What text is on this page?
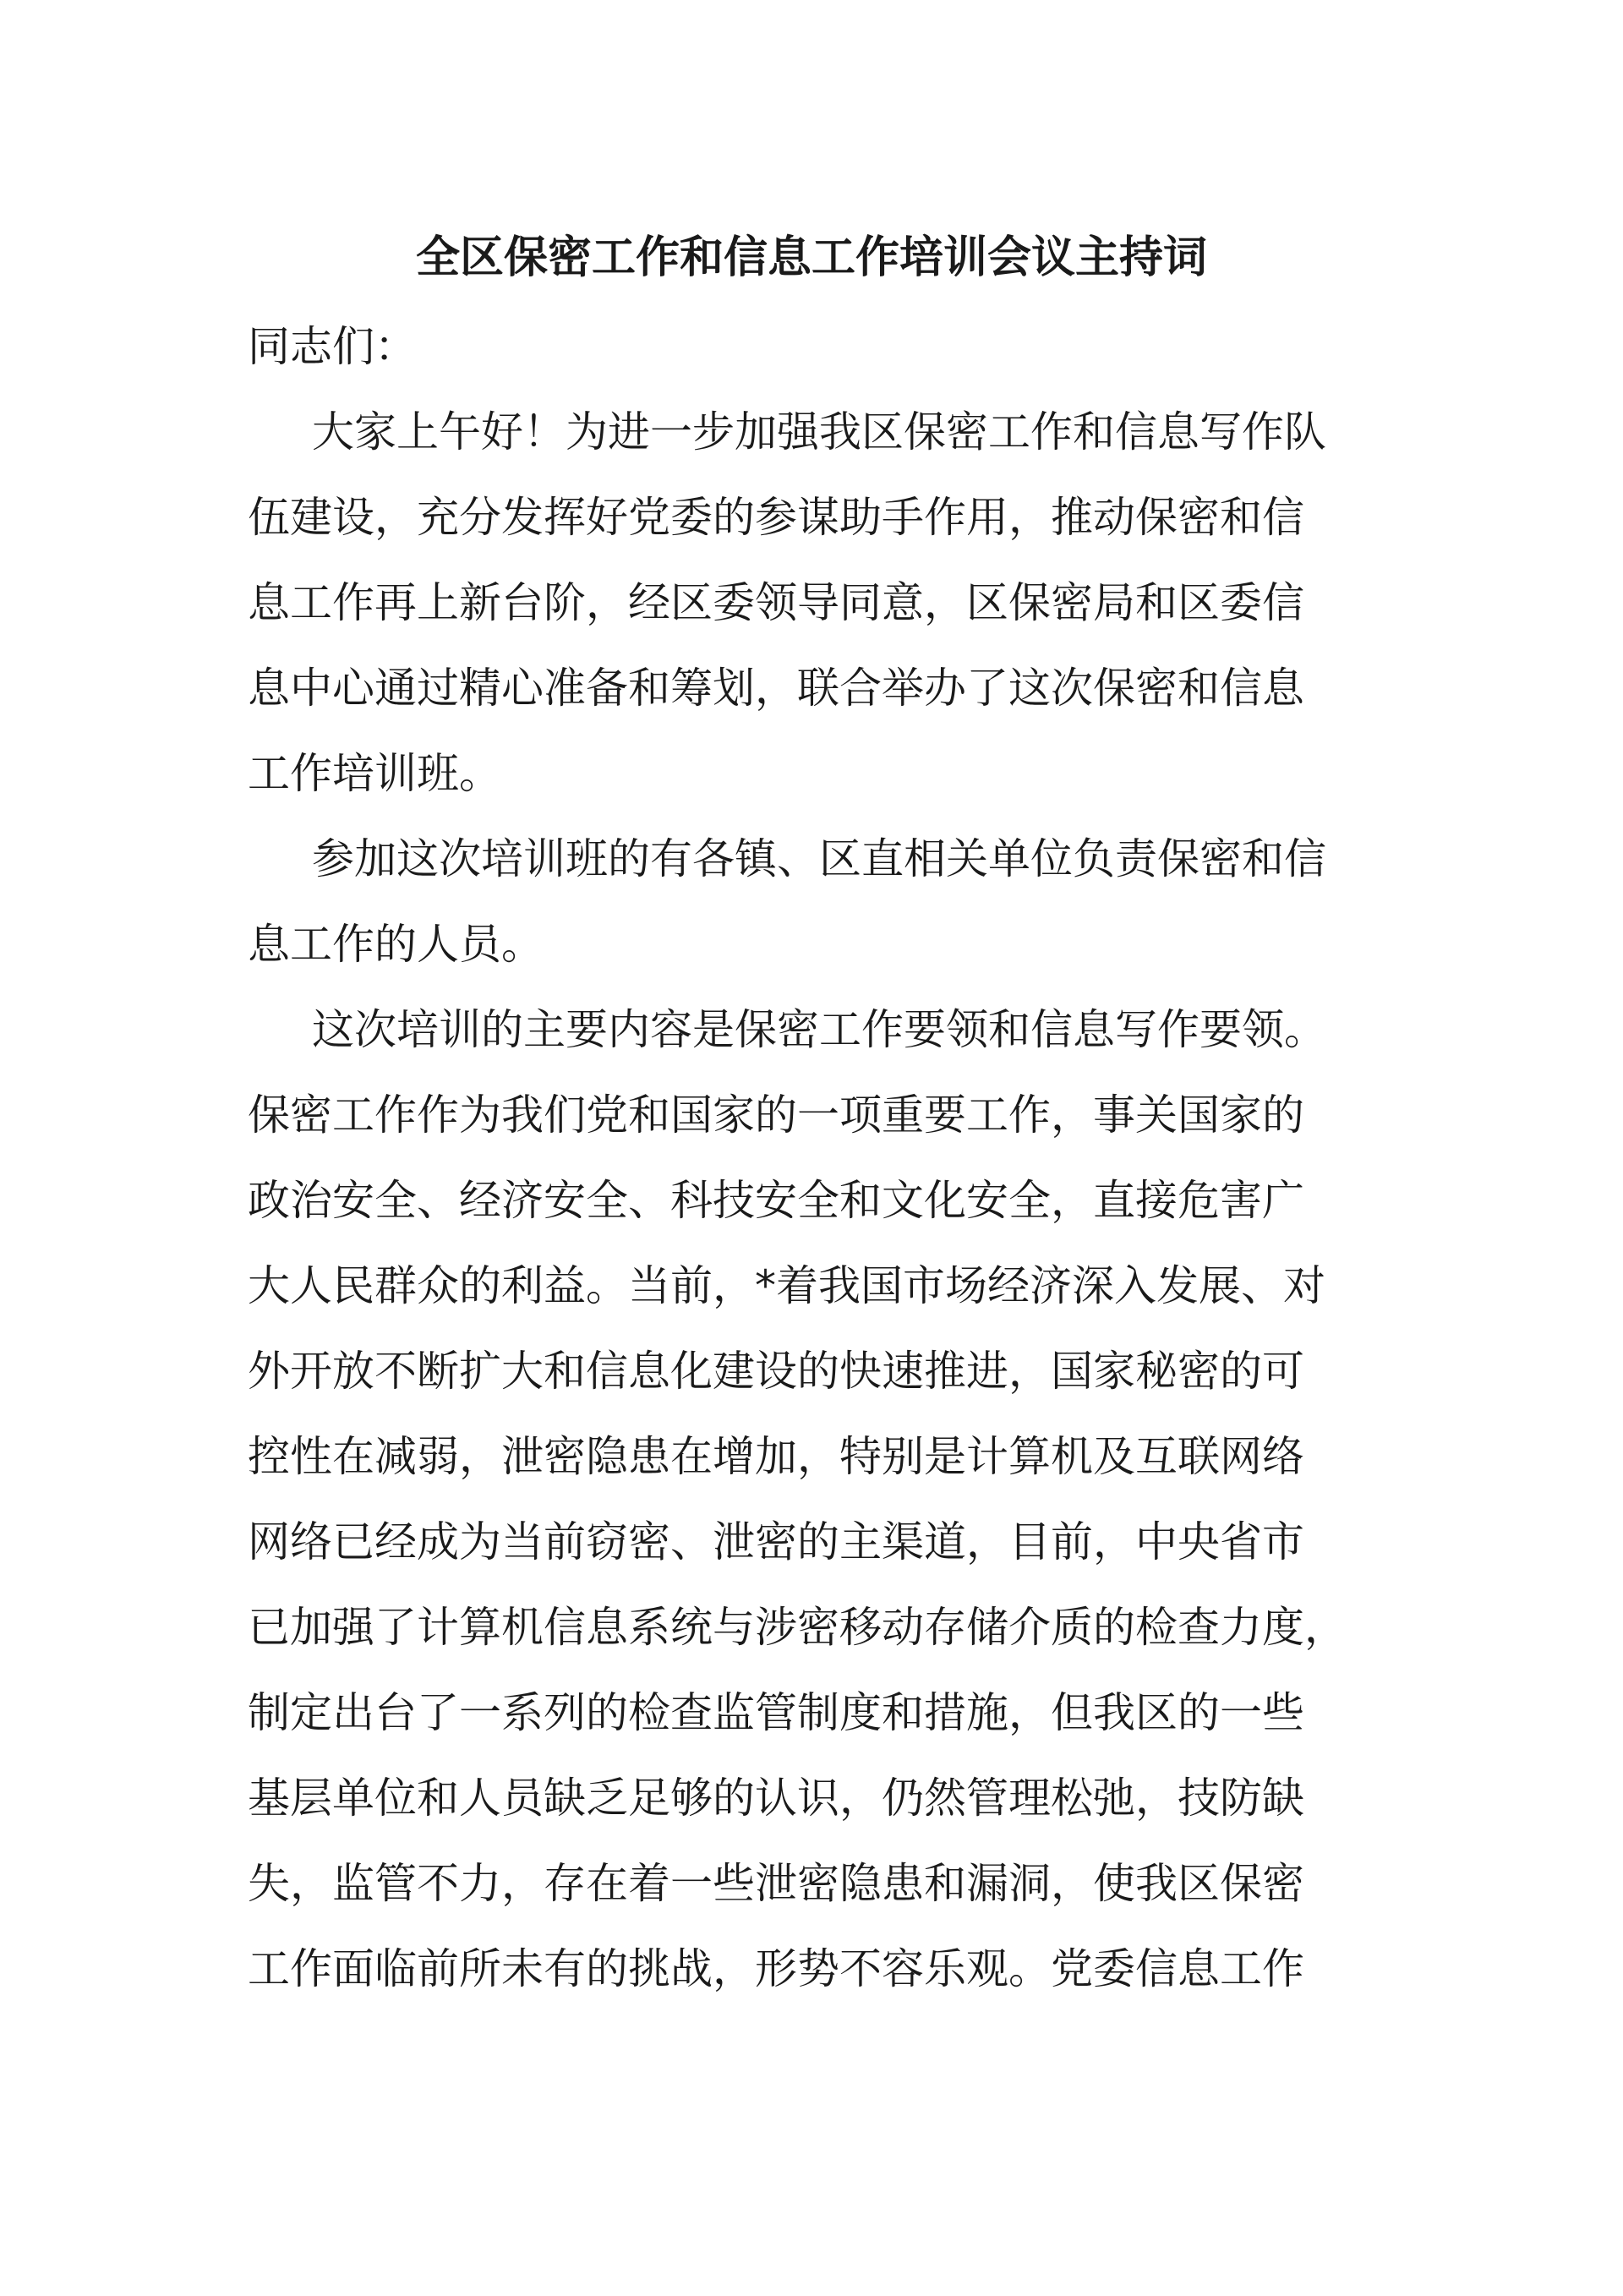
全区保密工作和信息工作培训会议主持词
同志们：
大家上午好！为进一步加强我区保密工作和信息写作队
伍建设，充分发挥好党委的参谋助手作用，推动保密和信
息工作再上新台阶，经区委领导同意，区保密局和区委信
息中心通过精心准备和筹划，联合举办了这次保密和信息
工作培训班。
参加这次培训班的有各镇、区直相关单位负责保密和信
息工作的人员。
这次培训的主要内容是保密工作要领和信息写作要领。
保密工作作为我们党和国家的一项重要工作，事关国家的
政治安全、经济安全、科技安全和文化安全，直接危害广
大人民群众的利益。当前，*着我国市场经济深入发展、对
外开放不断扩大和信息化建设的快速推进，国家秘密的可
控性在减弱，泄密隐患在增加，特别是计算机及互联网络
网络已经成为当前窃密、泄密的主渠道，目前，中央省市
已加强了计算机信息系统与涉密移动存储介质的检查力度，
制定出台了一系列的检查监管制度和措施，但我区的一些
基层单位和人员缺乏足够的认识，仍然管理松弛，技防缺
失，监管不力，存在着一些泄密隐患和漏洞，使我区保密
工作面临前所未有的挑战，形势不容乐观。党委信息工作
